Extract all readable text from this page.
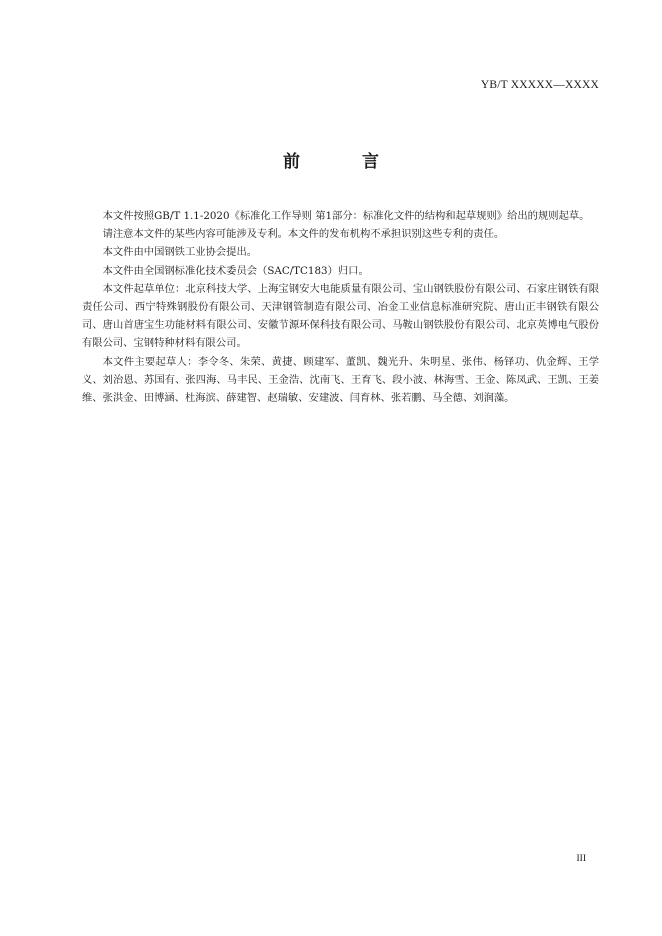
YB/T XXXXX—XXXX
前 言

本文件按照GB/T 1.1-2020《标准化工作导则 第1部分：标准化文件的结构和起草规则》给出的规则起草。

请注意本文件的某些内容可能涉及专利。本文件的发布机构不承担识别这些专利的责任。

本文件由中国钢铁工业协会提出。

本文件由全国钢标准化技术委员会（SAC/TC183）归口。

本文件起草单位：北京科技大学、上海宝钢安大电能质量有限公司、宝山钢铁股份有限公司、石家庄钢铁有限责任公司、西宁特殊钢股份有限公司、天津钢管制造有限公司、冶金工业信息标准研究院、唐山正丰钢铁有限公司、唐山首唐宝生功能材料有限公司、安徽节源环保科技有限公司、马鞍山钢铁股份有限公司、北京英博电气股份有限公司、宝钢特种材料有限公司。

本文件主要起草人：李令冬、朱荣、黄捷、顾建军、董凯、魏光升、朱明星、张伟、杨铎功、仇金辉、王学义、刘治恩、苏国有、张四海、马丰民、王金浩、沈南飞、王育飞、段小波、林海雪、王金、陈凤武、王凯、王姜维、张洪金、田博涵、杜海滨、薛建智、赵瑞敏、安建波、闫育林、张若鹏、马全德、刘润藻。

III
